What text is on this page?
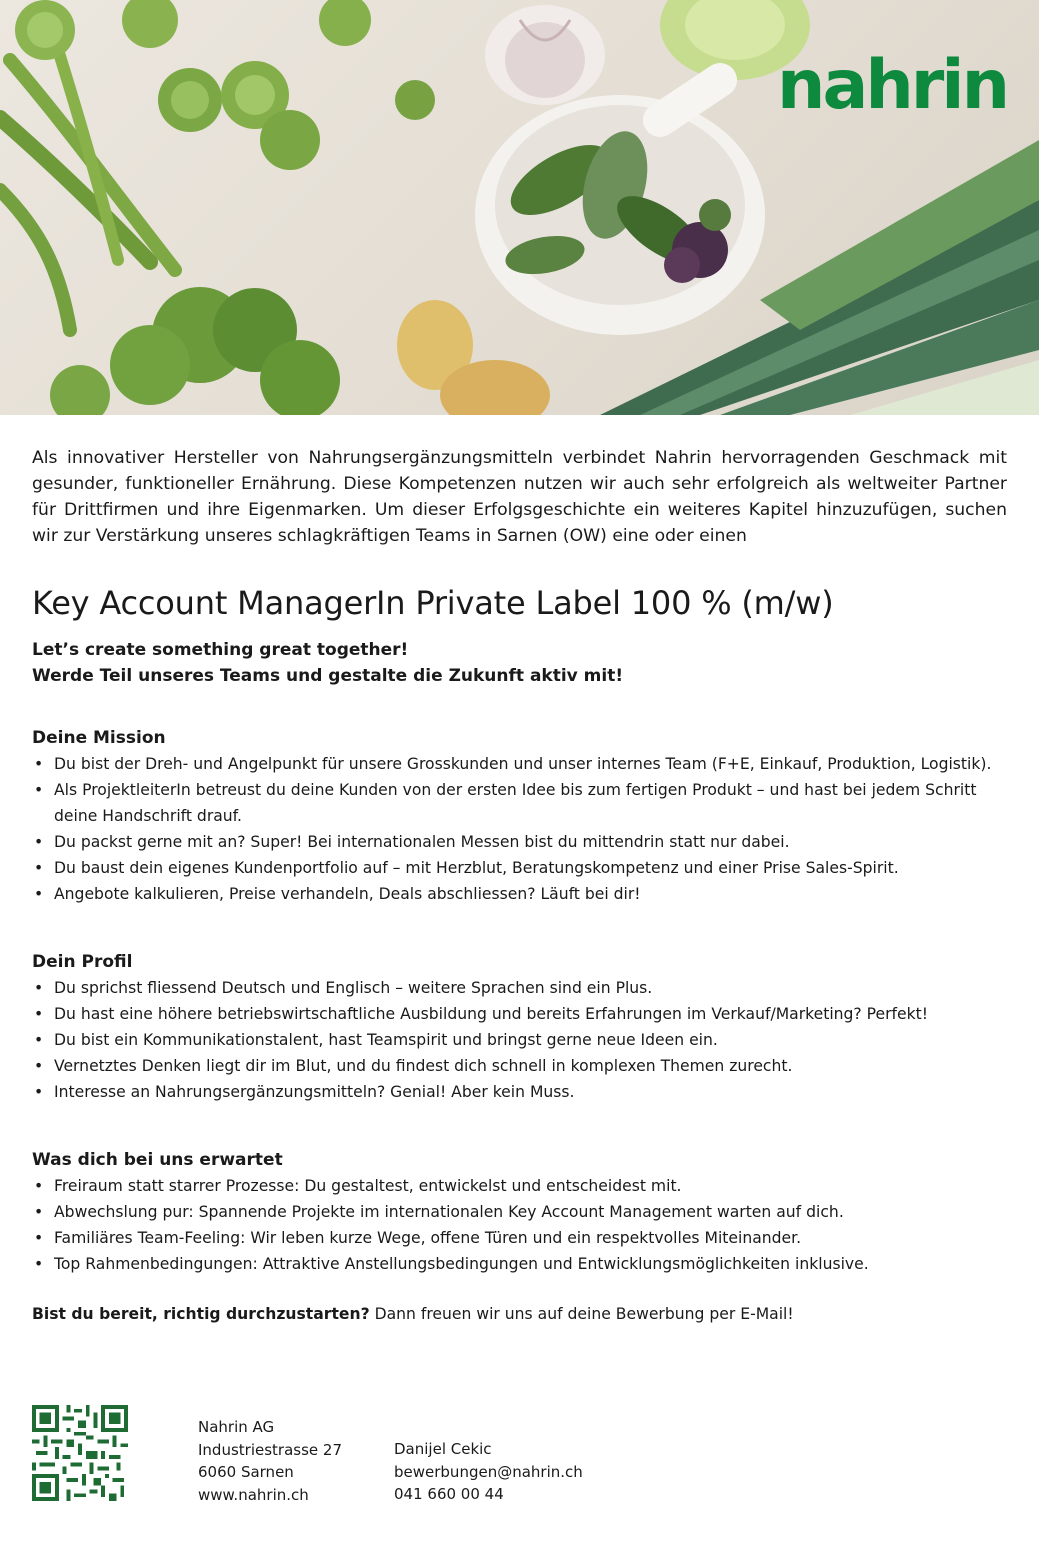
nahrin

Als innovativer Hersteller von Nahrungsergänzungsmitteln verbindet Nahrin hervorragenden Geschmack mit gesunder, funktioneller Ernährung. Diese Kompetenzen nutzen wir auch sehr erfolgreich als weltweiter Partner für Drittfirmen und ihre Eigenmarken. Um dieser Erfolgsgeschichte ein weiteres Kapitel hinzuzufügen, suchen wir zur Verstärkung unseres schlagkräftigen Teams in Sarnen (OW) eine oder einen

Key Account ManagerIn Private Label 100 % (m/w)
Let’s create something great together!
Werde Teil unseres Teams und gestalte die Zukunft aktiv mit!
Deine Mission
• Du bist der Dreh- und Angelpunkt für unsere Grosskunden und unser internes Team (F+E, Einkauf, Produktion, Logistik).
• Als ProjektleiterIn betreust du deine Kunden von der ersten Idee bis zum fertigen Produkt – und hast bei jedem Schritt deine Handschrift drauf.
• Du packst gerne mit an? Super! Bei internationalen Messen bist du mittendrin statt nur dabei.
• Du baust dein eigenes Kundenportfolio auf – mit Herzblut, Beratungskompetenz und einer Prise Sales-Spirit.
• Angebote kalkulieren, Preise verhandeln, Deals abschliessen? Läuft bei dir!
Dein Profil
• Du sprichst fliessend Deutsch und Englisch – weitere Sprachen sind ein Plus.
• Du hast eine höhere betriebswirtschaftliche Ausbildung und bereits Erfahrungen im Verkauf/Marketing? Perfekt!
• Du bist ein Kommunikationstalent, hast Teamspirit und bringst gerne neue Ideen ein.
• Vernetztes Denken liegt dir im Blut, und du findest dich schnell in komplexen Themen zurecht.
• Interesse an Nahrungsergänzungsmitteln? Genial! Aber kein Muss.
Was dich bei uns erwartet
• Freiraum statt starrer Prozesse: Du gestaltest, entwickelst und entscheidest mit.
• Abwechslung pur: Spannende Projekte im internationalen Key Account Management warten auf dich.
• Familiäres Team-Feeling: Wir leben kurze Wege, offene Türen und ein respektvolles Miteinander.
• Top Rahmenbedingungen: Attraktive Anstellungsbedingungen und Entwicklungsmöglichkeiten inklusive.

Bist du bereit, richtig durchzustarten? Dann freuen wir uns auf deine Bewerbung per E-Mail!

Nahrin AG
Industriestrasse 27
6060 Sarnen
www.nahrin.ch
Danijel Cekic
bewerbungen@nahrin.ch
041 660 00 44
